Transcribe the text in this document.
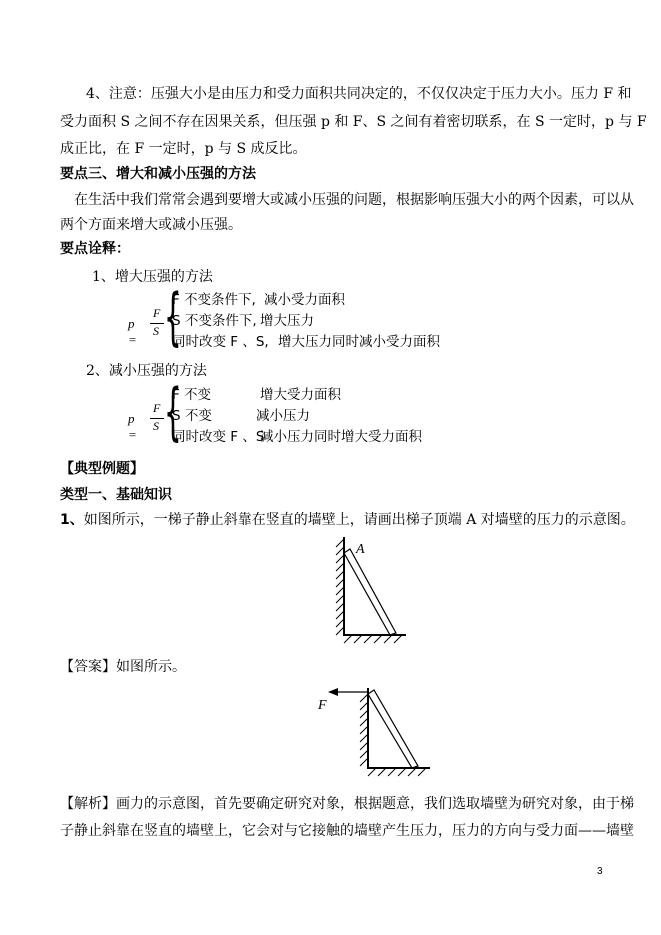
4、注意：压强大小是由压力和受力面积共同决定的，不仅仅决定于压力大小。压力 F 和
受力面积 S 之间不存在因果关系，但压强 p 和 F、S 之间有着密切联系，在 S 一定时，p 与 F
成正比，在 F 一定时，p 与 S 成反比。
要点三、增大和减小压强的方法
在生活中我们常常会遇到要增大或减小压强的问题，根据影响压强大小的两个因素，可以从
两个方面来增大或减小压强。
要点诠释：
1、增大压强的方法
p =
F
S {
F 不变条件下, 减小受力面积
S 不变条件下, 增大压力
同时改变 F 、S, 增大压力同时减小受力面积
2、减小压强的方法
p =
F
S {
F 不变	增大受力面积
S 不变	减小压力
同时改变 F 、S
减小压力同时增大受力面积
【典型例题】
类型一、基础知识
1、如图所示，一梯子静止斜靠在竖直的墙壁上，请画出梯子顶端 A 对墙壁的压力的示意图。
A
【答案】如图所示。
F
【解析】画力的示意图，首先要确定研究对象，根据题意，我们选取墙壁为研究对象，由于梯
子静止斜靠在竖直的墙壁上，它会对与它接触的墙壁产生压力，压力的方向与受力面——墙壁
3
